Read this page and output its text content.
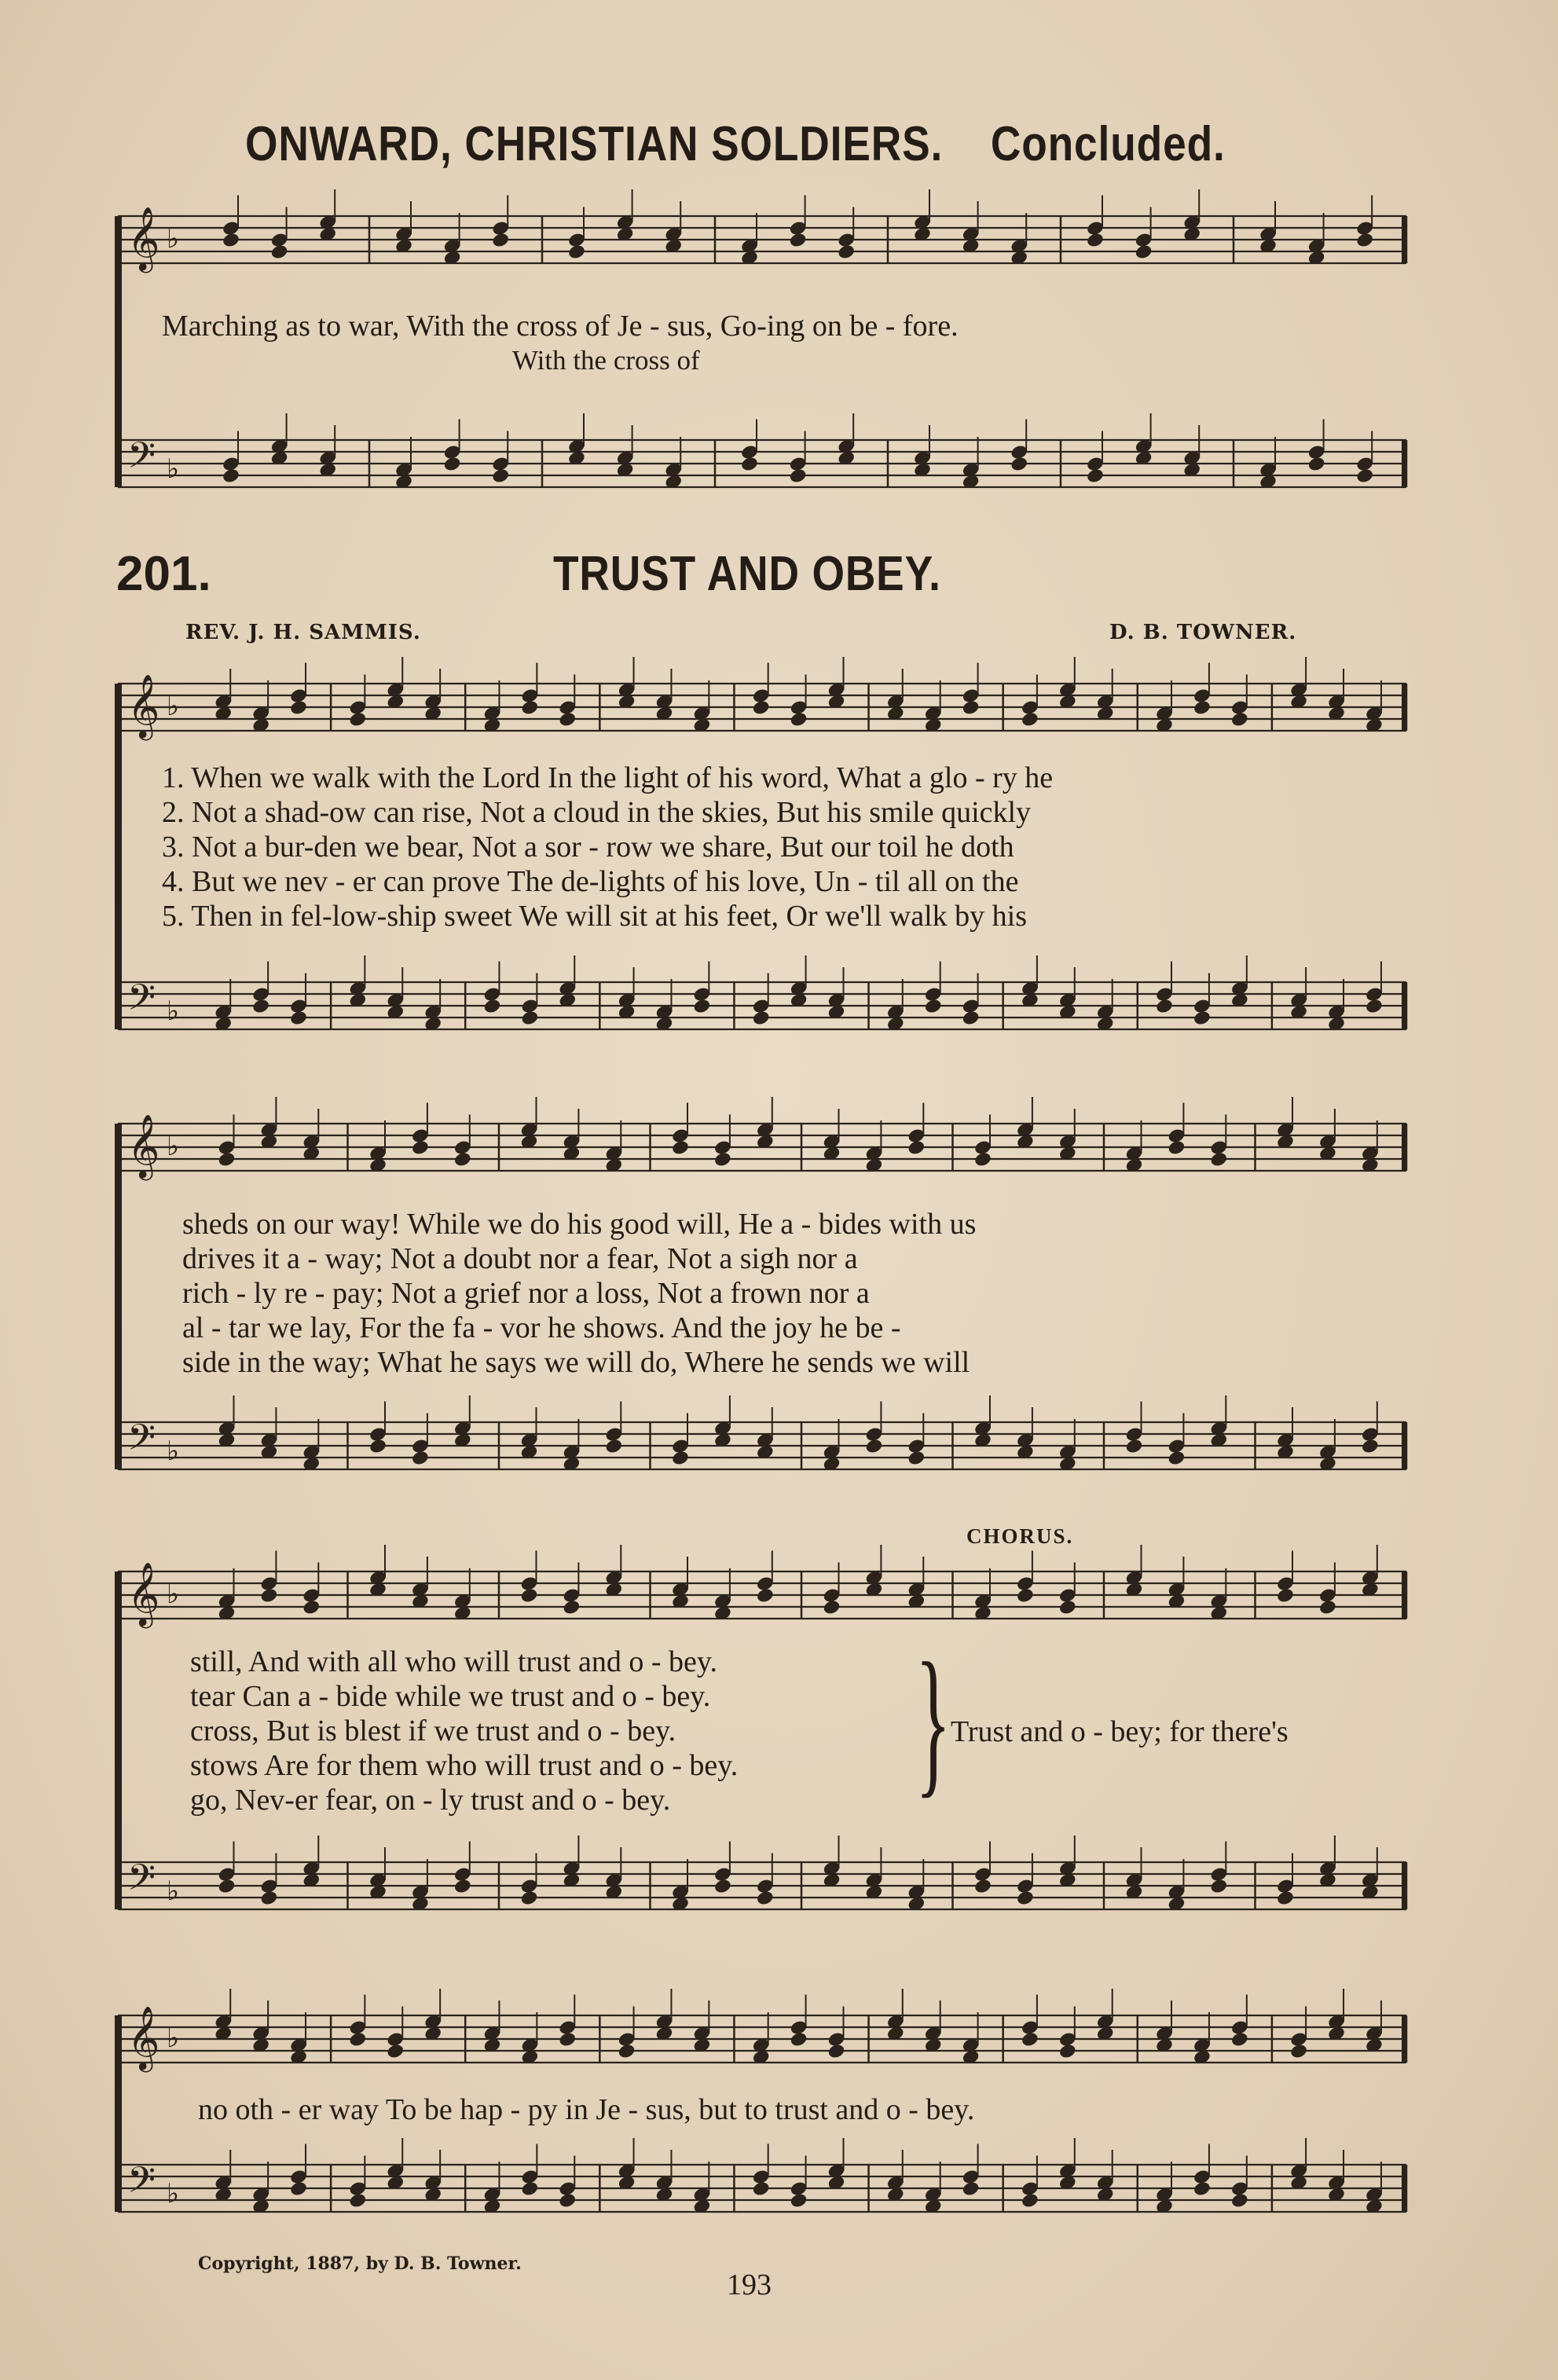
ONWARD, CHRISTIAN SOLDIERS. Concluded.
Marching as to war, With the cross of Je - sus, Go-ing on be - fore.
With the cross of
201.	TRUST AND OBEY.
REV. J. H. SAMMIS.	D. B. TOWNER.
1. When we walk with the Lord In the light of his word, What a glo - ry he
2. Not a shad-ow can rise, Not a cloud in the skies, But his smile quickly
3. Not a bur-den we bear, Not a sor - row we share, But our toil he doth
4. But we nev - er can prove The de-lights of his love, Un - til all on the
5. Then in fel-low-ship sweet We will sit at his feet, Or we'll walk by his
sheds on our way! While we do his good will, He a - bides with us
drives it a - way; Not a doubt nor a fear, Not a sigh nor a
rich - ly re - pay; Not a grief nor a loss, Not a frown nor a
al - tar we lay, For the fa - vor he shows. And the joy he be -
side in the way; What he says we will do, Where he sends we will
CHORUS.
still, And with all who will trust and o - bey.
tear Can a - bide while we trust and o - bey.
cross, But is blest if we trust and o - bey.
stows Are for them who will trust and o - bey.
go, Nev-er fear, on - ly trust and o - bey.	} Trust and o - bey; for there's
no oth - er way To be hap - py in Je - sus, but to trust and o - bey.
Copyright, 1887, by D. B. Towner.
193
𝄞
𝄢
♭
♭
𝄞
𝄢
♭
♭
𝄞
𝄢
♭
♭
𝄞
𝄢
♭
♭
𝄞
𝄢
♭
♭
